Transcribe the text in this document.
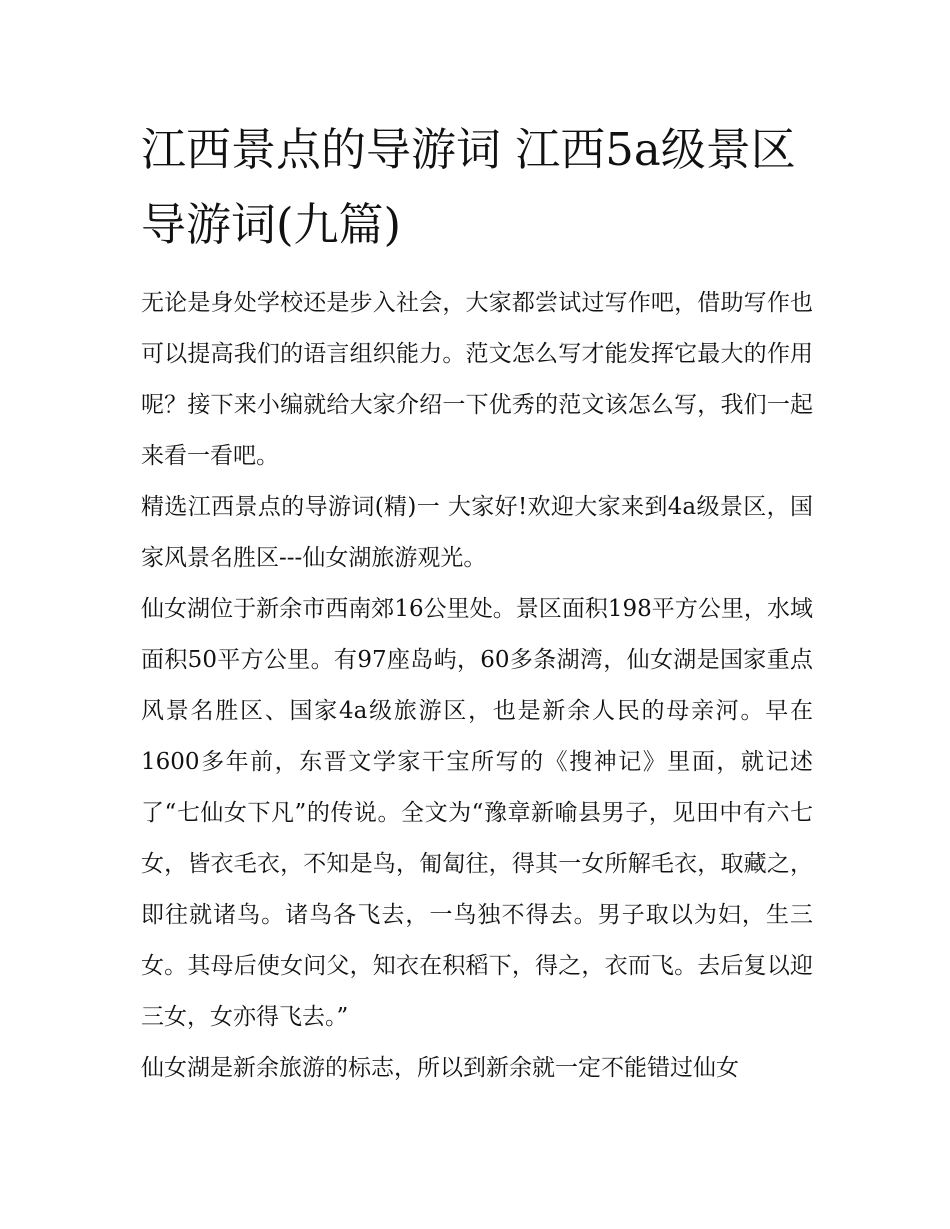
江西景点的导游词 江西5a级景区导游词(九篇)

无论是身处学校还是步入社会，大家都尝试过写作吧，借助写作也可以提高我们的语言组织能力。范文怎么写才能发挥它最大的作用呢？接下来小编就给大家介绍一下优秀的范文该怎么写，我们一起来看一看吧。

精选江西景点的导游词(精)一 大家好!欢迎大家来到4a级景区，国家风景名胜区---仙女湖旅游观光。

仙女湖位于新余市西南郊16公里处。景区面积198平方公里，水域面积50平方公里。有97座岛屿，60多条湖湾，仙女湖是国家重点风景名胜区、国家4a级旅游区，也是新余人民的母亲河。早在1600多年前，东晋文学家干宝所写的《搜神记》里面，就记述了“七仙女下凡”的传说。全文为“豫章新喻县男子，见田中有六七女，皆衣毛衣，不知是鸟，匍匐往，得其一女所解毛衣，取藏之，即往就诸鸟。诸鸟各飞去，一鸟独不得去。男子取以为妇，生三女。其母后使女问父，知衣在积稻下，得之，衣而飞。去后复以迎三女，女亦得飞去。”

仙女湖是新余旅游的标志，所以到新余就一定不能错过仙女
